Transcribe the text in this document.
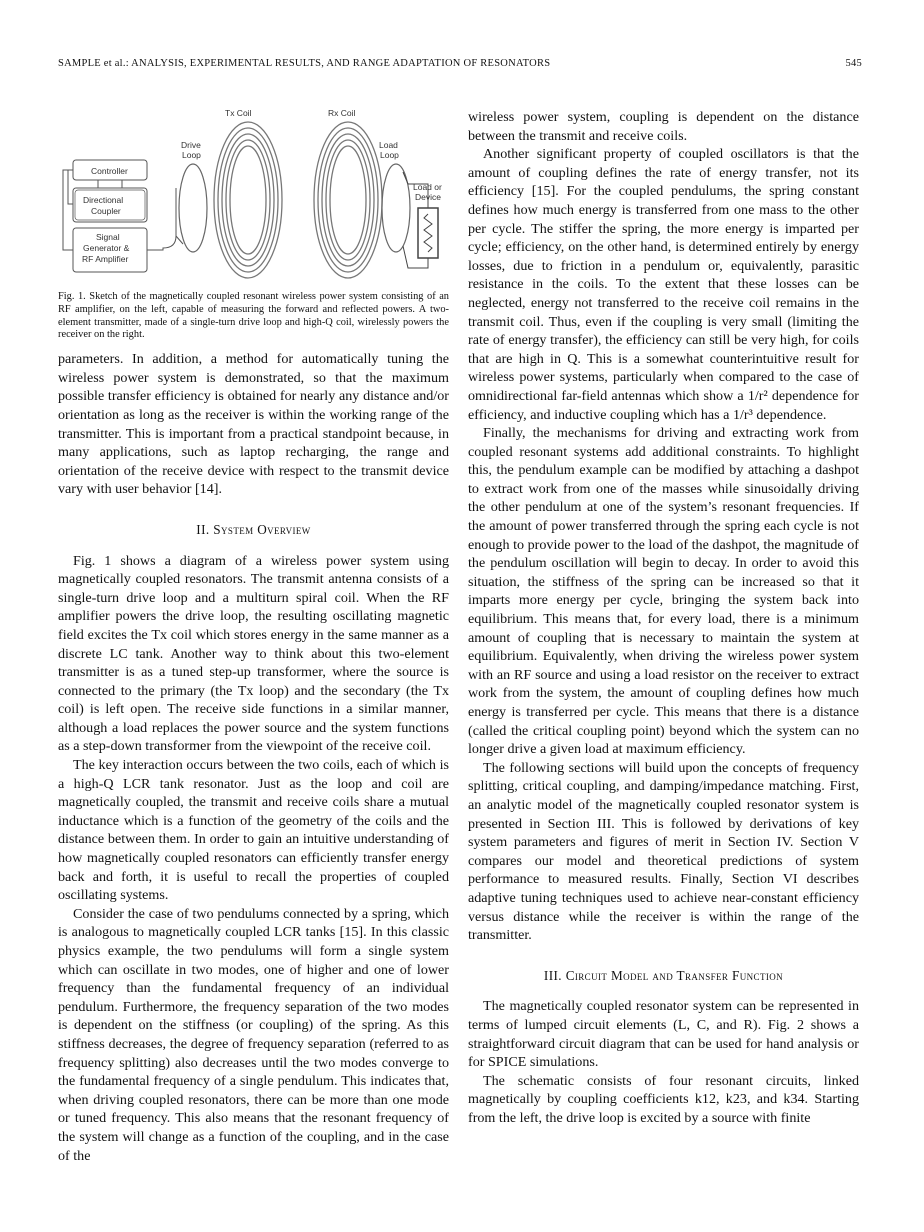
SAMPLE et al.: ANALYSIS, EXPERIMENTAL RESULTS, AND RANGE ADAPTATION OF RESONATORS	545
Tx Coil	Rx Coil
Drive
Loop
Load
Loop
Load or
Device
Controller
Directional
Coupler
Signal
Generator &
RF Amplifier
Fig. 1. Sketch of the magnetically coupled resonant wireless power system consisting of an RF amplifier, on the left, capable of measuring the forward and reflected powers. A two-element transmitter, made of a single-turn drive loop and high-Q coil, wirelessly powers the receiver on the right.

parameters. In addition, a method for automatically tuning the wireless power system is demonstrated, so that the maximum possible transfer efficiency is obtained for nearly any distance and/or orientation as long as the receiver is within the working range of the transmitter. This is important from a practical standpoint because, in many applications, such as laptop recharging, the range and orientation of the receive device with respect to the transmit device vary with user behavior [14].

II. System Overview

Fig. 1 shows a diagram of a wireless power system using magnetically coupled resonators. The transmit antenna consists of a single-turn drive loop and a multiturn spiral coil. When the RF amplifier powers the drive loop, the resulting oscillating magnetic field excites the Tx coil which stores energy in the same manner as a discrete LC tank. Another way to think about this two-element transmitter is as a tuned step-up transformer, where the source is connected to the primary (the Tx loop) and the secondary (the Tx coil) is left open. The receive side functions in a similar manner, although a load replaces the power source and the system functions as a step-down transformer from the viewpoint of the receive coil.

The key interaction occurs between the two coils, each of which is a high-Q LCR tank resonator. Just as the loop and coil are magnetically coupled, the transmit and receive coils share a mutual inductance which is a function of the geometry of the coils and the distance between them. In order to gain an intuitive understanding of how magnetically coupled resonators can efficiently transfer energy back and forth, it is useful to recall the properties of coupled oscillating systems.

Consider the case of two pendulums connected by a spring, which is analogous to magnetically coupled LCR tanks [15]. In this classic physics example, the two pendulums will form a single system which can oscillate in two modes, one of higher and one of lower frequency than the fundamental frequency of an individual pendulum. Furthermore, the frequency separation of the two modes is dependent on the stiffness (or coupling) of the spring. As this stiffness decreases, the degree of frequency separation (referred to as frequency splitting) also decreases until the two modes converge to the fundamental frequency of a single pendulum. This indicates that, when driving coupled resonators, there can be more than one mode or tuned frequency. This also means that the resonant frequency of the system will change as a function of the coupling, and in the case of the

wireless power system, coupling is dependent on the distance between the transmit and receive coils.

Another significant property of coupled oscillators is that the amount of coupling defines the rate of energy transfer, not its efficiency [15]. For the coupled pendulums, the spring constant defines how much energy is transferred from one mass to the other per cycle. The stiffer the spring, the more energy is imparted per cycle; efficiency, on the other hand, is determined entirely by energy losses, due to friction in a pendulum or, equivalently, parasitic resistance in the coils. To the extent that these losses can be neglected, energy not transferred to the receive coil remains in the transmit coil. Thus, even if the coupling is very small (limiting the rate of energy transfer), the efficiency can still be very high, for coils that are high in Q. This is a somewhat counterintuitive result for wireless power systems, particularly when compared to the case of omnidirectional far-field antennas which show a 1/r² dependence for efficiency, and inductive coupling which has a 1/r³ dependence.

Finally, the mechanisms for driving and extracting work from coupled resonant systems add additional constraints. To highlight this, the pendulum example can be modified by attaching a dashpot to extract work from one of the masses while sinusoidally driving the other pendulum at one of the system’s resonant frequencies. If the amount of power transferred through the spring each cycle is not enough to provide power to the load of the dashpot, the magnitude of the pendulum oscillation will begin to decay. In order to avoid this situation, the stiffness of the spring can be increased so that it imparts more energy per cycle, bringing the system back into equilibrium. This means that, for every load, there is a minimum amount of coupling that is necessary to maintain the system at equilibrium. Equivalently, when driving the wireless power system with an RF source and using a load resistor on the receiver to extract work from the system, the amount of coupling defines how much energy is transferred per cycle. This means that there is a distance (called the critical coupling point) beyond which the system can no longer drive a given load at maximum efficiency.

The following sections will build upon the concepts of frequency splitting, critical coupling, and damping/impedance matching. First, an analytic model of the magnetically coupled resonator system is presented in Section III. This is followed by derivations of key system parameters and figures of merit in Section IV. Section V compares our model and theoretical predictions of system performance to measured results. Finally, Section VI describes adaptive tuning techniques used to achieve near-constant efficiency versus distance while the receiver is within the range of the transmitter.

III. Circuit Model and Transfer Function

The magnetically coupled resonator system can be represented in terms of lumped circuit elements (L, C, and R). Fig. 2 shows a straightforward circuit diagram that can be used for hand analysis or for SPICE simulations.

The schematic consists of four resonant circuits, linked magnetically by coupling coefficients k12, k23, and k34. Starting from the left, the drive loop is excited by a source with finite
